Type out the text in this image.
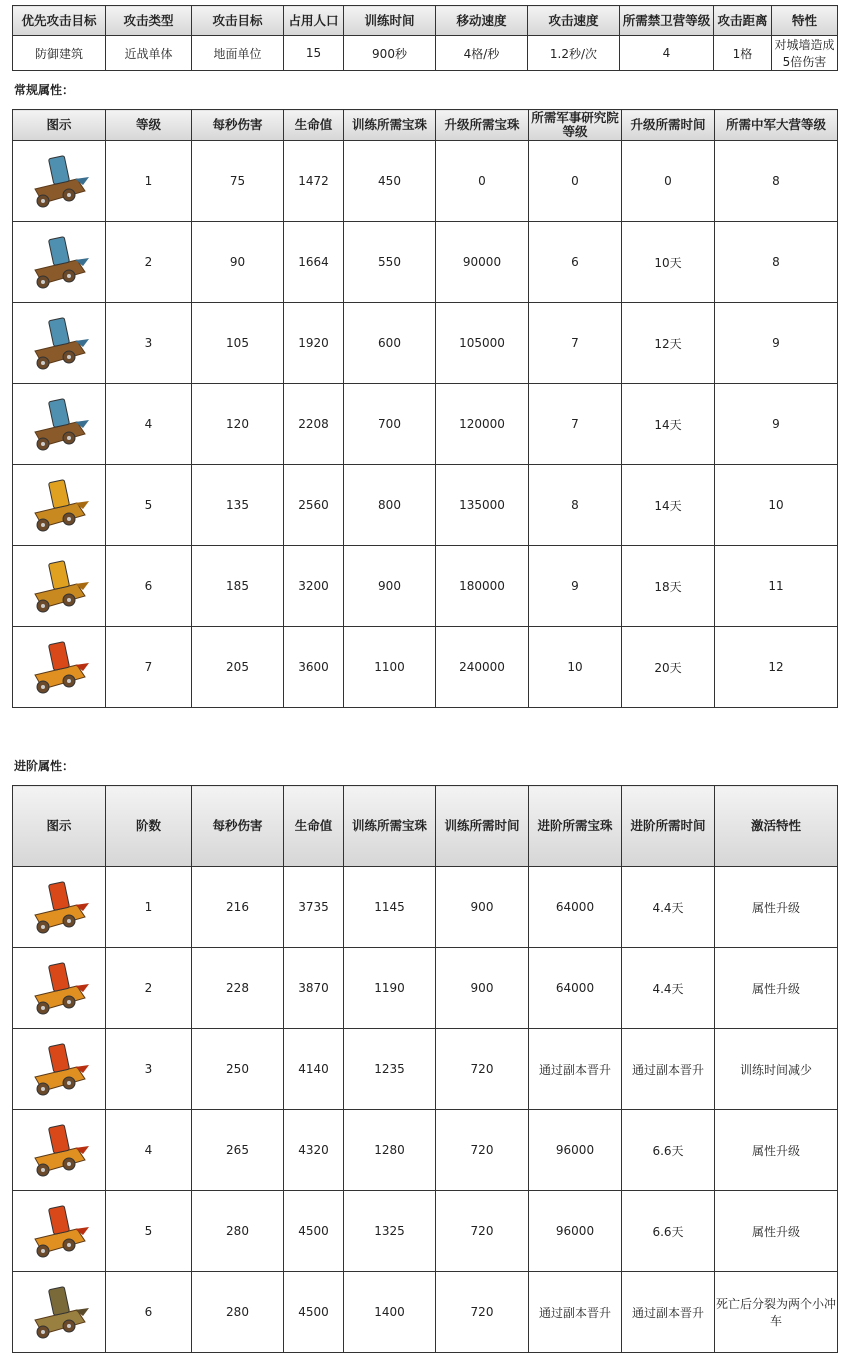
优先攻击目标	攻击类型	攻击目标	占用人口	训练时间	移动速度	攻击速度	所需禁卫营等级	攻击距离	特性
防御建筑	近战单体	地面单位	15	900秒	4格/秒	1.2秒/次	4	1格	对城墙造成5倍伤害
常规属性：
图示	等级	每秒伤害	生命值	训练所需宝珠	升级所需宝珠	所需军事研究院等级	升级所需时间	所需中军大营等级

	1	75	1472	450	0	0	0	8

	2	90	1664	550	90000	6	10天	8

	3	105	1920	600	105000	7	12天	9

	4	120	2208	700	120000	7	14天	9

	5	135	2560	800	135000	8	14天	10

	6	185	3200	900	180000	9	18天	11

	7	205	3600	1100	240000	10	20天	12
进阶属性：
图示	阶数	每秒伤害	生命值	训练所需宝珠	训练所需时间	进阶所需宝珠	进阶所需时间	激活特性

	1	216	3735	1145	900	64000	4.4天	属性升级

	2	228	3870	1190	900	64000	4.4天	属性升级

	3	250	4140	1235	720	通过副本晋升	通过副本晋升	训练时间减少

	4	265	4320	1280	720	96000	6.6天	属性升级

	5	280	4500	1325	720	96000	6.6天	属性升级

	6	280	4500	1400	720	通过副本晋升	通过副本晋升	死亡后分裂为两个小冲车
